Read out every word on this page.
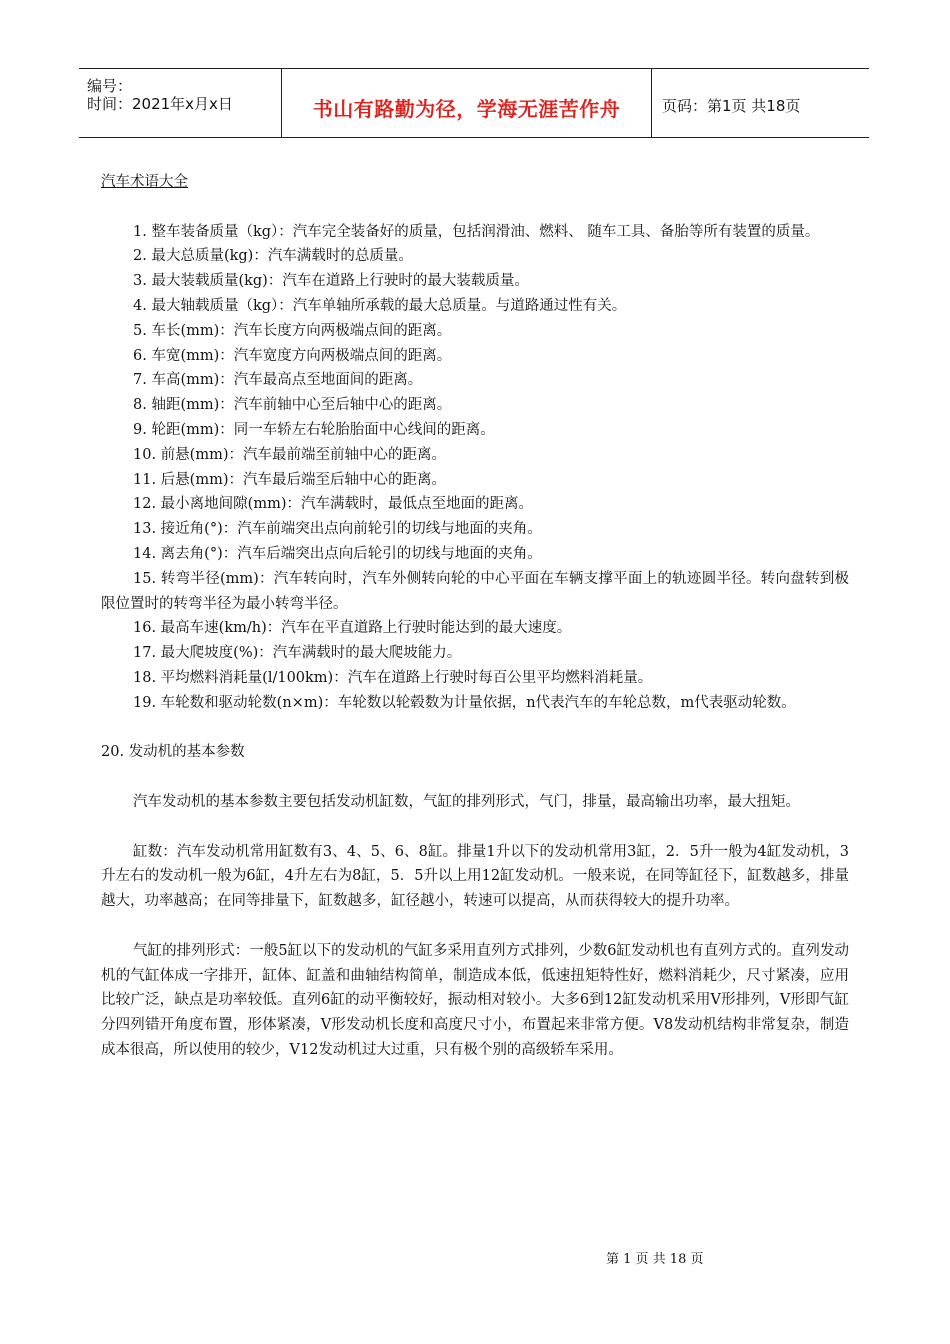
编号：
时间：2021年x月x日	书山有路勤为径，学海无涯苦作舟	页码：第1页 共18页

汽车术语大全

1. 整车装备质量（kg）：汽车完全装备好的质量，包括润滑油、燃料、 随车工具、备胎等所有装置的质量。

2. 最大总质量(kg)：汽车满载时的总质量。

3. 最大装载质量(kg)：汽车在道路上行驶时的最大装载质量。

4. 最大轴载质量（kg）：汽车单轴所承载的最大总质量。与道路通过性有关。

5. 车长(mm)：汽车长度方向两极端点间的距离。

6. 车宽(mm)：汽车宽度方向两极端点间的距离。

7. 车高(mm)：汽车最高点至地面间的距离。

8. 轴距(mm)：汽车前轴中心至后轴中心的距离。

9. 轮距(mm)：同一车轿左右轮胎胎面中心线间的距离。

10. 前悬(mm)：汽车最前端至前轴中心的距离。

11. 后悬(mm)：汽车最后端至后轴中心的距离。

12. 最小离地间隙(mm)：汽车满载时，最低点至地面的距离。

13. 接近角(°)：汽车前端突出点向前轮引的切线与地面的夹角。

14. 离去角(°)：汽车后端突出点向后轮引的切线与地面的夹角。

15. 转弯半径(mm)：汽车转向时，汽车外侧转向轮的中心平面在车辆支撑平面上的轨迹圆半径。转向盘转到极限位置时的转弯半径为最小转弯半径。

16. 最高车速(km/h)：汽车在平直道路上行驶时能达到的最大速度。

17. 最大爬坡度(%)：汽车满载时的最大爬坡能力。

18. 平均燃料消耗量(l/100km)：汽车在道路上行驶时每百公里平均燃料消耗量。

19. 车轮数和驱动轮数(n×m)：车轮数以轮毂数为计量依据，n代表汽车的车轮总数，m代表驱动轮数。

20. 发动机的基本参数

汽车发动机的基本参数主要包括发动机缸数，气缸的排列形式，气门，排量，最高输出功率，最大扭矩。

缸数：汽车发动机常用缸数有3、4、5、6、8缸。排量1升以下的发动机常用3缸，2．5升一般为4缸发动机，3升左右的发动机一般为6缸，4升左右为8缸，5．5升以上用12缸发动机。一般来说，在同等缸径下，缸数越多，排量越大，功率越高；在同等排量下，缸数越多，缸径越小，转速可以提高，从而获得较大的提升功率。

气缸的排列形式：一般5缸以下的发动机的气缸多采用直列方式排列，少数6缸发动机也有直列方式的。直列发动机的气缸体成一字排开，缸体、缸盖和曲轴结构简单，制造成本低，低速扭矩特性好，燃料消耗少，尺寸紧凑，应用比较广泛，缺点是功率较低。直列6缸的动平衡较好，振动相对较小。大多6到12缸发动机采用V形排列，V形即气缸分四列错开角度布置，形体紧凑，V形发动机长度和高度尺寸小，布置起来非常方便。V8发动机结构非常复杂，制造成本很高，所以使用的较少，V12发动机过大过重，只有极个别的高级轿车采用。

第 1 页 共 18 页
